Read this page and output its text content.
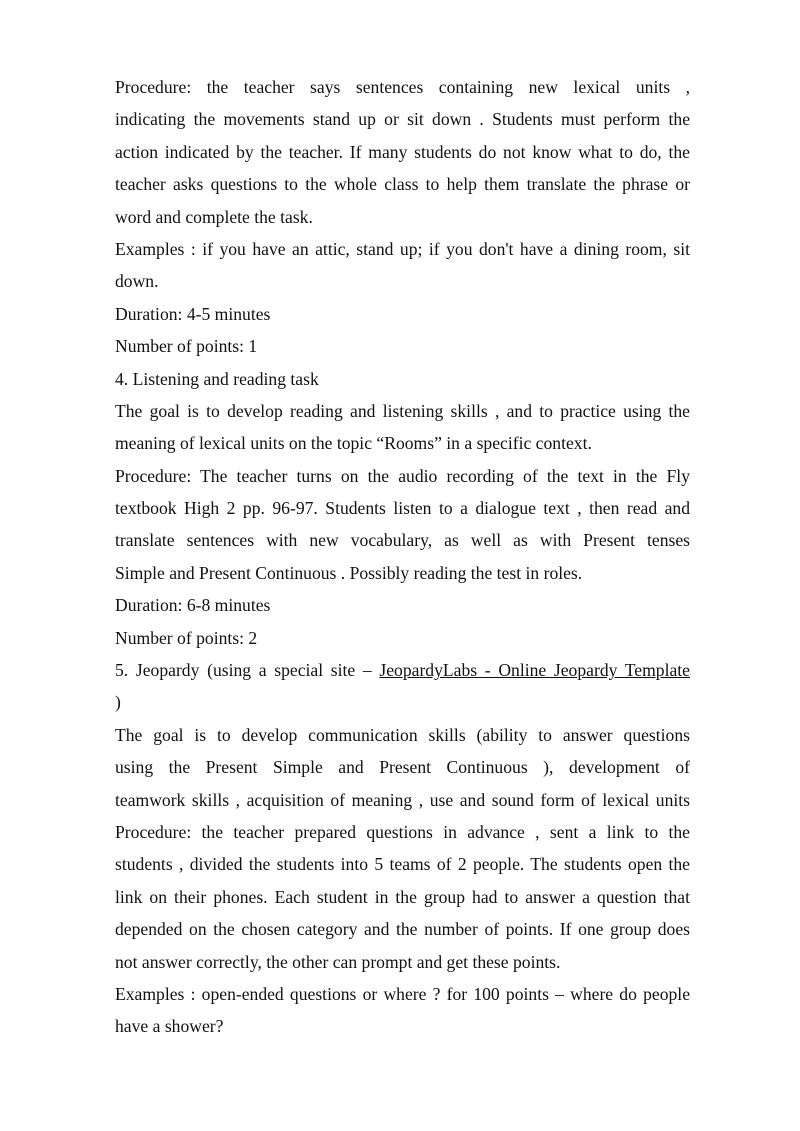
Procedure: the teacher says sentences containing new lexical units ,
indicating the movements stand up or sit down . Students must perform the
action indicated by the teacher. If many students do not know what to do, the
teacher asks questions to the whole class to help them translate the phrase or
word and complete the task.
Examples : if you have an attic, stand up; if you don't have a dining room, sit
down.
Duration: 4-5 minutes
Number of points: 1
4. Listening and reading task
The goal is to develop reading and listening skills , and to practice using the
meaning of lexical units on the topic “Rooms” in a specific context.
Procedure: The teacher turns on the audio recording of the text in the Fly
textbook High 2 pp. 96-97. Students listen to a dialogue text , then read and
translate sentences with new vocabulary, as well as with Present tenses
Simple and Present Continuous . Possibly reading the test in roles.
Duration: 6-8 minutes
Number of points: 2
5. Jeopardy (using a special site – JeopardyLabs - Online Jeopardy Template
)
The goal is to develop communication skills (ability to answer questions
using the Present Simple and Present Continuous ), development of
teamwork skills , acquisition of meaning , use and sound form of lexical units
Procedure: the teacher prepared questions in advance , sent a link to the
students , divided the students into 5 teams of 2 people. The students open the
link on their phones. Each student in the group had to answer a question that
depended on the chosen category and the number of points. If one group does
not answer correctly, the other can prompt and get these points.
Examples : open-ended questions or where ? for 100 points – where do people
have a shower?
